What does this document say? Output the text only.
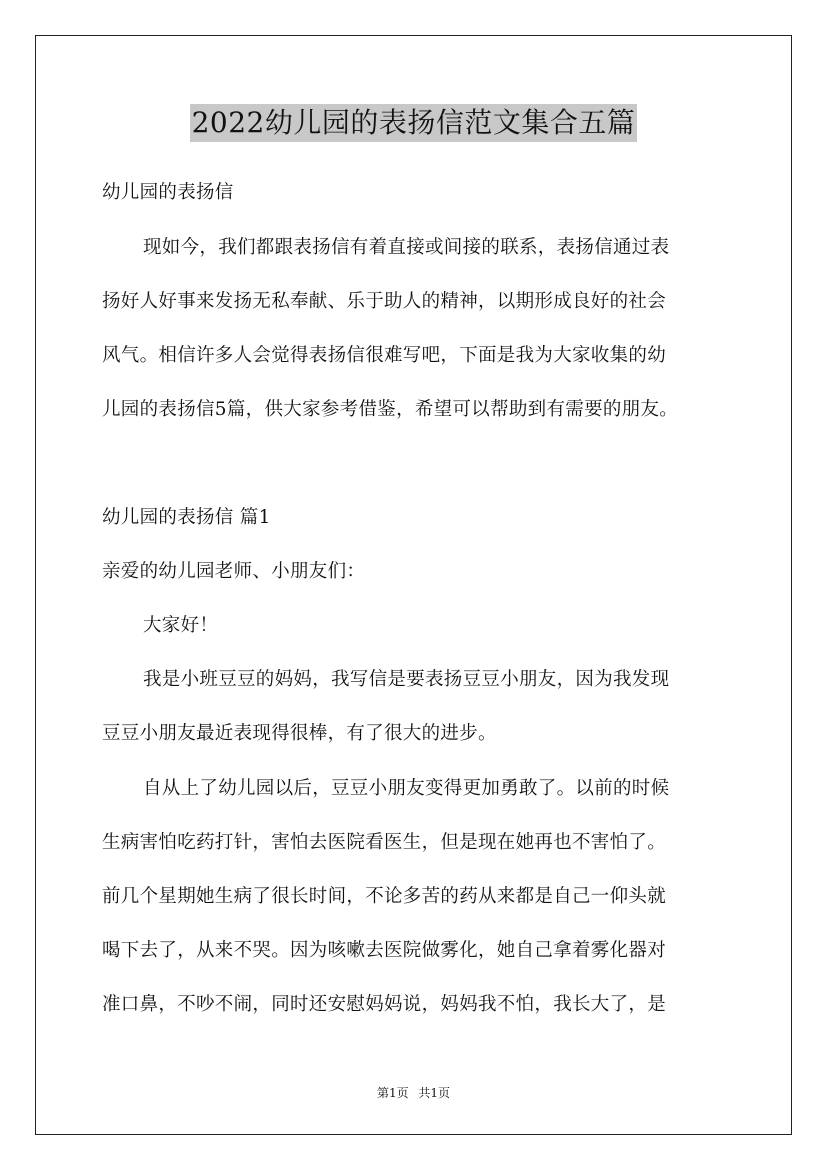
2022幼儿园的表扬信范文集合五篇
幼儿园的表扬信
现如今，我们都跟表扬信有着直接或间接的联系，表扬信通过表
扬好人好事来发扬无私奉献、乐于助人的精神，以期形成良好的社会
风气。相信许多人会觉得表扬信很难写吧，下面是我为大家收集的幼
儿园的表扬信5篇，供大家参考借鉴，希望可以帮助到有需要的朋友。
幼儿园的表扬信 篇1
亲爱的幼儿园老师、小朋友们：
大家好！
我是小班豆豆的妈妈，我写信是要表扬豆豆小朋友，因为我发现
豆豆小朋友最近表现得很棒，有了很大的进步。
自从上了幼儿园以后，豆豆小朋友变得更加勇敢了。以前的时候
生病害怕吃药打针，害怕去医院看医生，但是现在她再也不害怕了。
前几个星期她生病了很长时间，不论多苦的药从来都是自己一仰头就
喝下去了，从来不哭。因为咳嗽去医院做雾化，她自己拿着雾化器对
准口鼻，不吵不闹，同时还安慰妈妈说，妈妈我不怕，我长大了，是
第1页 共1页
